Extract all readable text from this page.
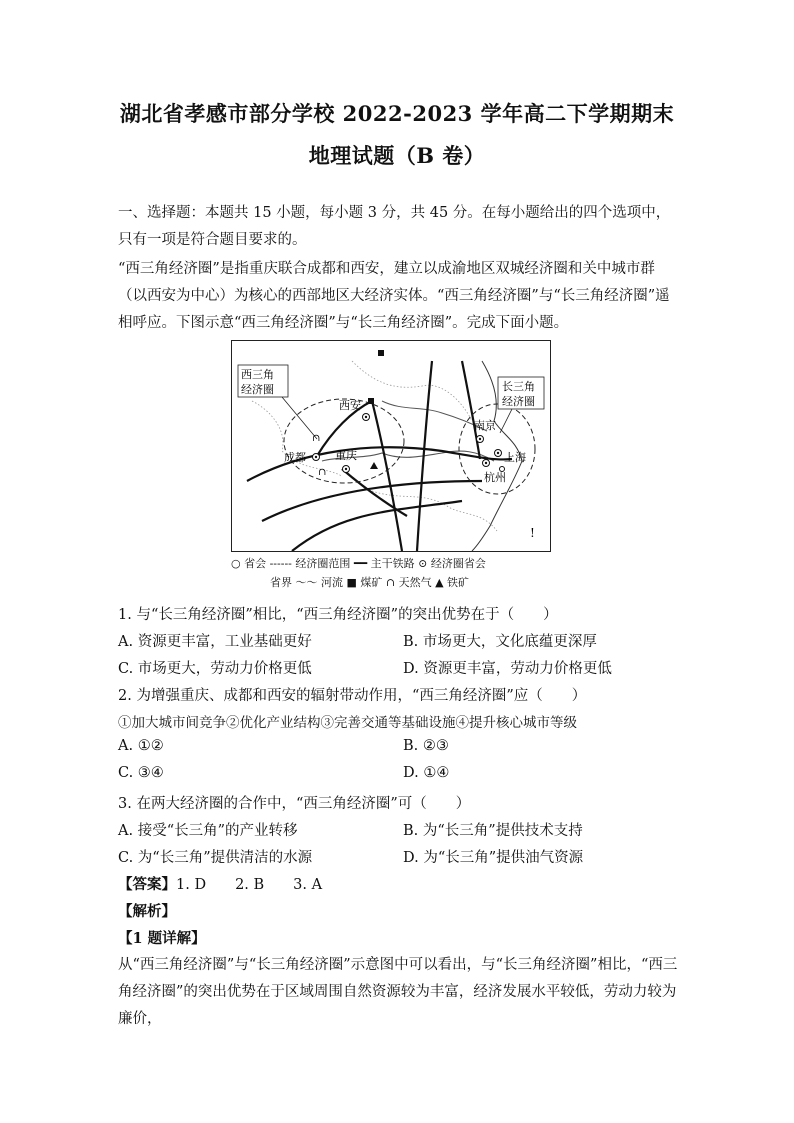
湖北省孝感市部分学校 2022-2023 学年高二下学期期末
地理试题（B 卷）

一、选择题：本题共 15 小题，每小题 3 分，共 45 分。在每小题给出的四个选项中，只有一项是符合题目要求的。

“西三角经济圈”是指重庆联合成都和西安，建立以成渝地区双城经济圈和关中城市群（以西安为中心）为核心的西部地区大经济实体。“西三角经济圈”与“长三角经济圈”遥相呼应。下图示意“西三角经济圈”与“长三角经济圈”。完成下面小题。

∩
∩
!
西三角
经济圈	长三角
经济圈
西安
成都	重庆
南京
上海
杭州
○ 省会 ------ 经济圈范围 ━━ 主干铁路 ⊙ 经济圈省会
省界 ～～ 河流 ■ 煤矿 ∩ 天然气 ▲ 铁矿
1. 与“长三角经济圈”相比，“西三角经济圈”的突出优势在于（　　）
A. 资源更丰富，工业基础更好	B. 市场更大，文化底蕴更深厚
C. 市场更大，劳动力价格更低	D. 资源更丰富，劳动力价格更低
2. 为增强重庆、成都和西安的辐射带动作用，“西三角经济圈”应（　　）
①加大城市间竞争②优化产业结构③完善交通等基础设施④提升核心城市等级
A. ①②	B. ②③
C. ③④	D. ①④
3. 在两大经济圈的合作中，“西三角经济圈”可（　　）
A. 接受“长三角”的产业转移	B. 为“长三角”提供技术支持
C. 为“长三角”提供清洁的水源	D. 为“长三角”提供油气资源
【答案】1. D　　2. B　　3. A
【解析】
【1 题详解】

从“西三角经济圈”与“长三角经济圈”示意图中可以看出，与“长三角经济圈”相比，“西三角经济圈”的突出优势在于区域周围自然资源较为丰富，经济发展水平较低，劳动力较为廉价，
